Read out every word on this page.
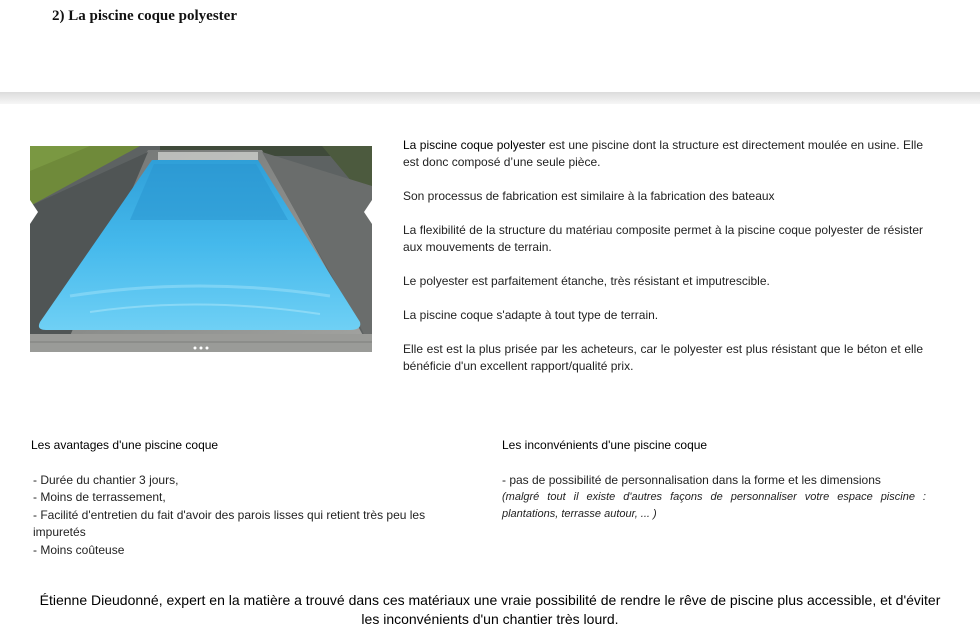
2) La piscine coque polyester

La piscine coque polyester est une piscine dont la structure est directement moulée en usine. Elle est donc composé d’une seule pièce.

Son processus de fabrication est similaire à la fabrication des bateaux

La flexibilité de la structure du matériau composite permet à la piscine coque polyester de résister aux mouvements de terrain.

Le polyester est parfaitement étanche, très résistant et imputrescible.

La piscine coque s'adapte à tout type de terrain.

Elle est est la plus prisée par les acheteurs, car le polyester est plus résistant que le béton et elle bénéficie d'un excellent rapport/qualité prix.

Les avantages d'une piscine coque
- Durée du chantier 3 jours,
- Moins de terrassement,
- Facilité d'entretien du fait d'avoir des parois lisses qui retient très peu les impuretés
- Moins coûteuse
Les inconvénients d'une piscine coque

- pas de possibilité de personnalisation dans la forme et les dimensions

(malgré tout il existe d'autres façons de personnaliser votre espace piscine : plantations, terrasse autour, ... )

Étienne Dieudonné, expert en la matière a trouvé dans ces matériaux une vraie possibilité de rendre le rêve de piscine plus accessible, et d'éviter les inconvénients d'un chantier très lourd.
